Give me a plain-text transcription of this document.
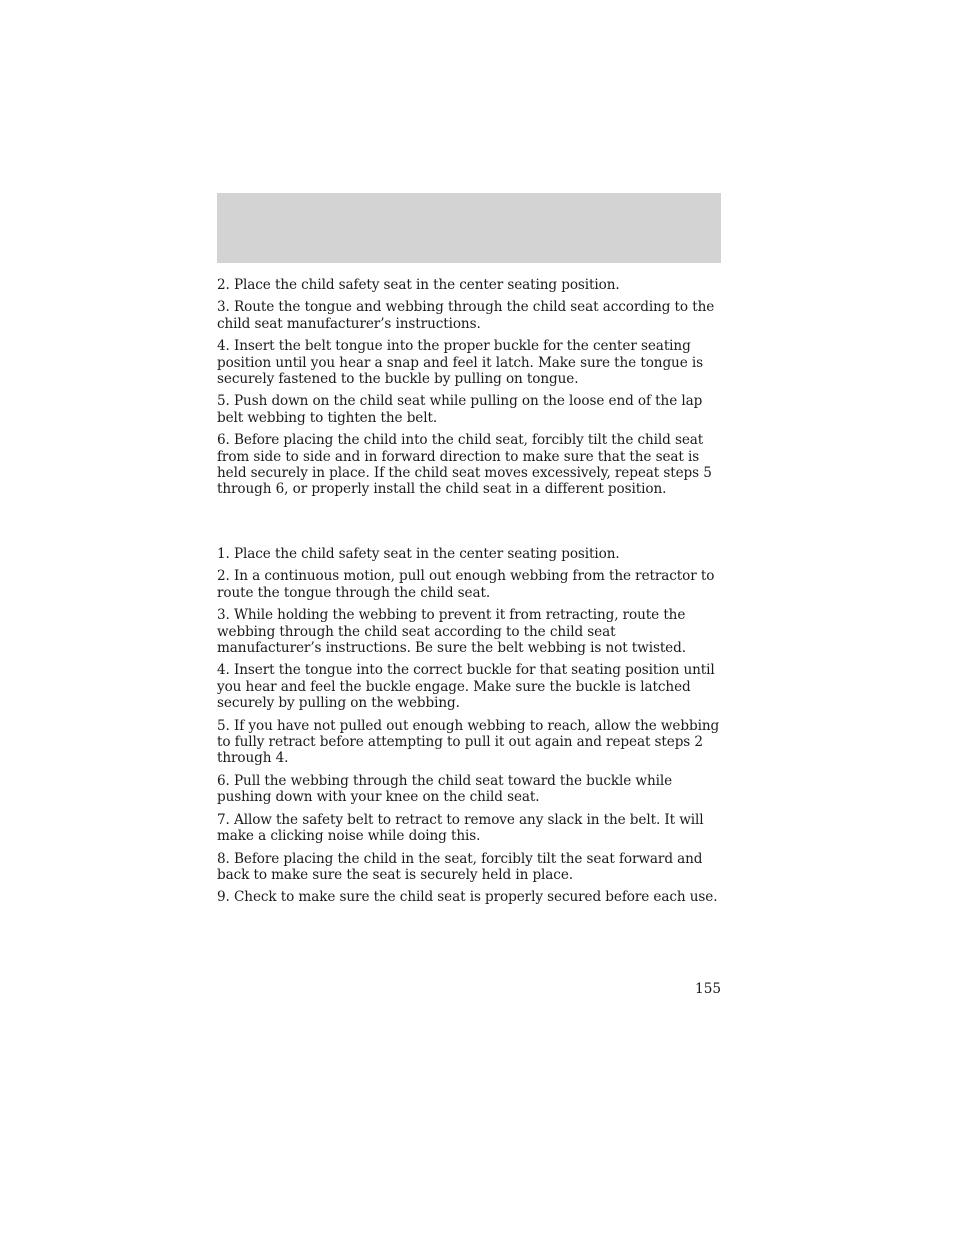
2. Place the child safety seat in the center seating position.

3. Route the tongue and webbing through the child seat according to the child seat manufacturer’s instructions.

4. Insert the belt tongue into the proper buckle for the center seating position until you hear a snap and feel it latch. Make sure the tongue is securely fastened to the buckle by pulling on tongue.

5. Push down on the child seat while pulling on the loose end of the lap belt webbing to tighten the belt.

6. Before placing the child into the child seat, forcibly tilt the child seat from side to side and in forward direction to make sure that the seat is held securely in place. If the child seat moves excessively, repeat steps 5 through 6, or properly install the child seat in a different position.

1. Place the child safety seat in the center seating position.

2. In a continuous motion, pull out enough webbing from the retractor to route the tongue through the child seat.

3. While holding the webbing to prevent it from retracting, route the webbing through the child seat according to the child seat manufacturer’s instructions. Be sure the belt webbing is not twisted.

4. Insert the tongue into the correct buckle for that seating position until you hear and feel the buckle engage. Make sure the buckle is latched securely by pulling on the webbing.

5. If you have not pulled out enough webbing to reach, allow the webbing to fully retract before attempting to pull it out again and repeat steps 2 through 4.

6. Pull the webbing through the child seat toward the buckle while pushing down with your knee on the child seat.

7. Allow the safety belt to retract to remove any slack in the belt. It will make a clicking noise while doing this.

8. Before placing the child in the seat, forcibly tilt the seat forward and back to make sure the seat is securely held in place.

9. Check to make sure the child seat is properly secured before each use.

155
